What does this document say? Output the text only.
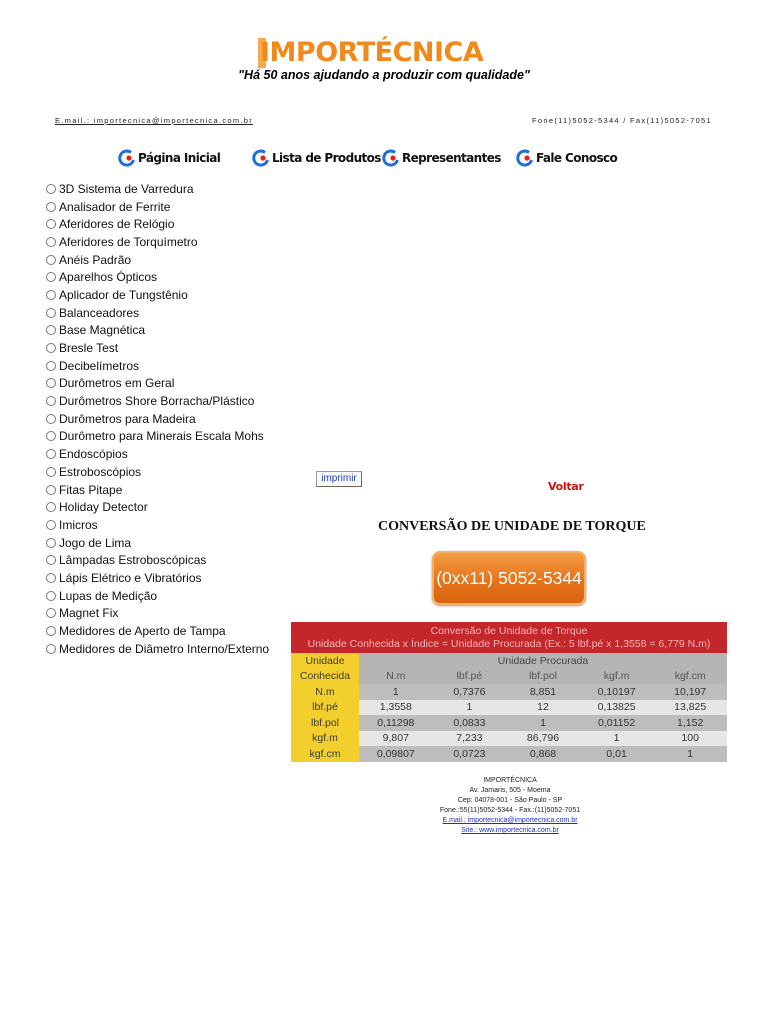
IMPORTÉCNICA
"Há 50 anos ajudando a produzir com qualidade"
E.mail.: importecnica@importecnica.com.br	Fone(11)5052-5344 / Fax(11)5052-7051
Página Inicial	Lista de Produtos Representantes	Fale Conosco
3D Sistema de Varredura
Analisador de Ferrite
Aferidores de Relógio
Aferidores de Torquímetro
Anéis Padrão
Aparelhos Ópticos
Aplicador de Tungstênio
Balanceadores
Base Magnética
Bresle Test
Decibelímetros
Durômetros em Geral
Durômetros Shore Borracha/Plástico
Durômetros para Madeira
Durômetro para Minerais Escala Mohs
Endoscópios
Estroboscópios
Fitas Pitape
Holiday Detector
Imicros
Jogo de Lima
Lâmpadas Estroboscópicas
Lápis Elétrico e Vibratórios
Lupas de Medição
Magnet Fix
Medidores de Aperto de Tampa
Medidores de Diâmetro Interno/Externo
imprimir
Voltar
CONVERSÃO DE UNIDADE DE TORQUE
(0xx11) 5052-5344
Conversão de Unidade de Torque
Unidade Conhecida x Índice = Unidade Procurada (Ex.: 5 lbf.pé x 1,3558 = 6,779 N.m)
Unidade	Unidade Procurada				
Conhecida	N.m	lbf.pé	lbf.pol	kgf.m	kgf.cm
N.m	1	0,7376	8,851	0,10197	10,197
lbf.pé	1,3558	1	12	0,13825	13,825
lbf.pol	0,11298	0,0833	1	0,01152	1,152
kgf.m	9,807	7,233	86,796	1	100
kgf.cm	0,09807	0,0723	0,868	0,01	1
IMPORTÉCNICA
Av. Jamaris, 505 - Moema
Cep: 04078-001 - São Paulo - SP
Fone.:55(11)5052-5344 - Fax.:(11)5052-7051
E.mail.: importecnica@importecnica.com.br
Site.: www.importecnica.com.br
